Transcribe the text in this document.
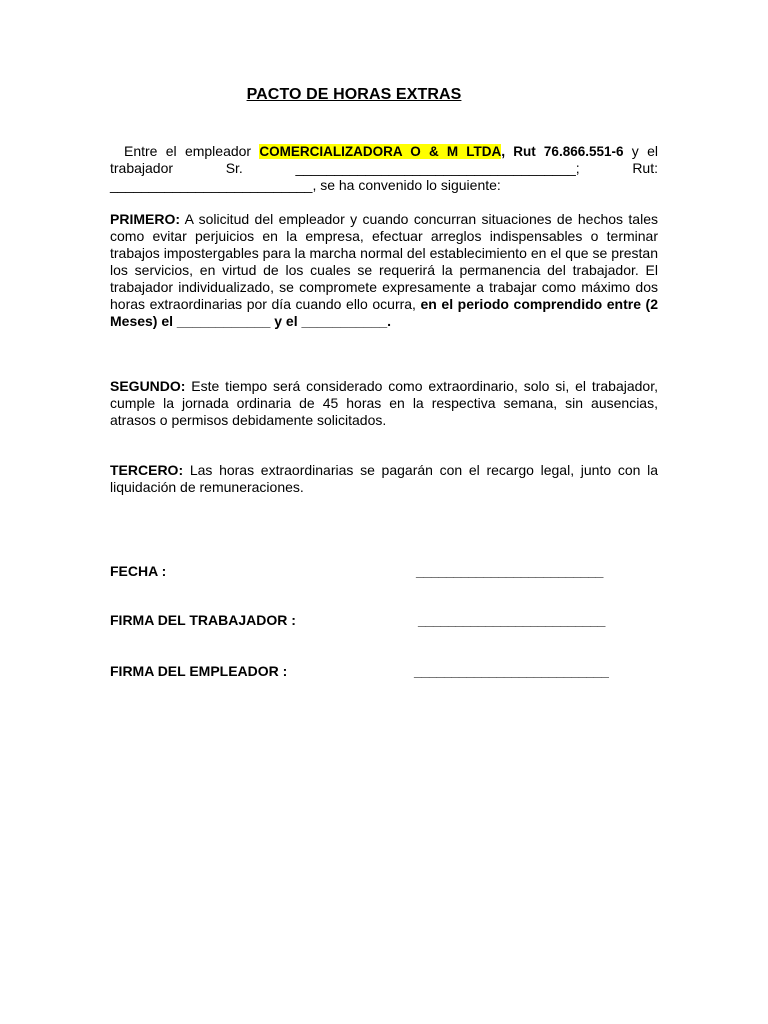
PACTO DE HORAS EXTRAS
Entre el empleador COMERCIALIZADORA O & M LTDA, Rut 76.866.551-6 y el trabajador Sr. ____________________________________; Rut: __________________________, se ha convenido lo siguiente:
PRIMERO: A solicitud del empleador y cuando concurran situaciones de hechos tales como evitar perjuicios en la empresa, efectuar arreglos indispensables o terminar trabajos impostergables para la marcha normal del establecimiento en el que se prestan los servicios, en virtud de los cuales se requerirá la permanencia del trabajador. El trabajador individualizado, se compromete expresamente a trabajar como máximo dos horas extraordinarias por día cuando ello ocurra, en el periodo comprendido entre (2 Meses) el ____________ y el ___________.
SEGUNDO: Este tiempo será considerado como extraordinario, solo si, el trabajador, cumple la jornada ordinaria de 45 horas en la respectiva semana, sin ausencias, atrasos o permisos debidamente solicitados.
TERCERO: Las horas extraordinarias se pagarán con el recargo legal, junto con la liquidación de remuneraciones.
FECHA :	_________________________
FIRMA DEL TRABAJADOR :	_________________________
FIRMA DEL EMPLEADOR :	__________________________
